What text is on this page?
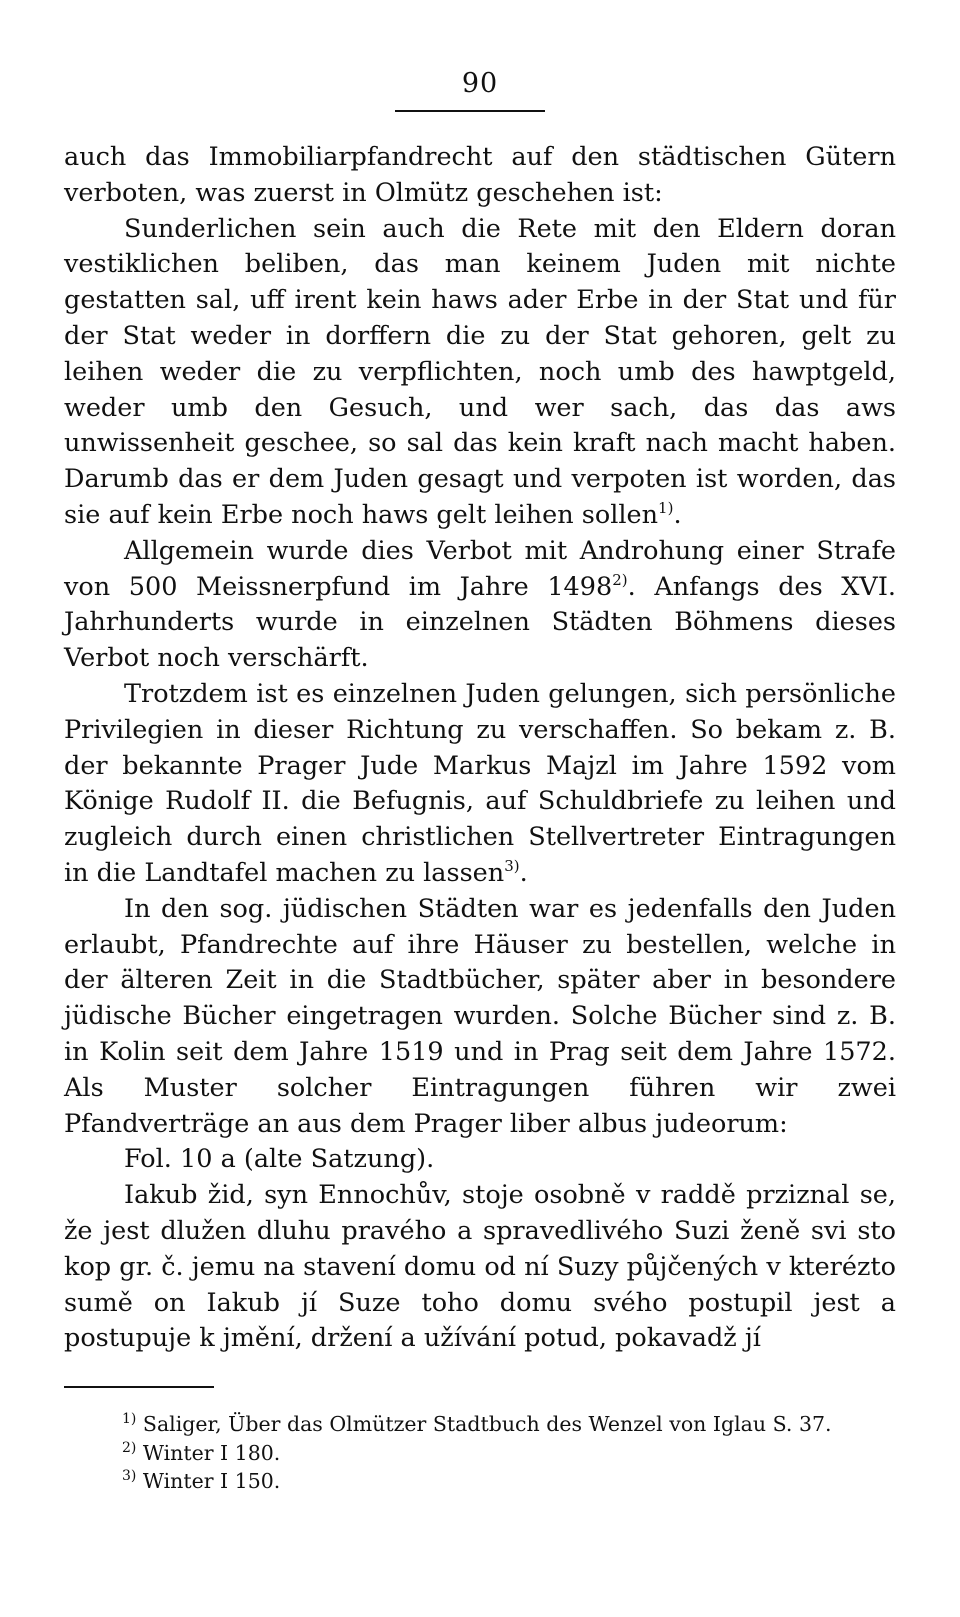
90

auch das Immobiliarpfandrecht auf den städtischen Gütern verboten, was zuerst in Olmütz geschehen ist:

Sunderlichen sein auch die Rete mit den Eldern doran vestiklichen beliben, das man keinem Juden mit nichte gestatten sal, uff irent kein haws ader Erbe in der Stat und für der Stat weder in dorffern die zu der Stat gehoren, gelt zu leihen weder die zu verpflichten, noch umb des hawptgeld, weder umb den Gesuch, und wer sach, das das aws unwissenheit geschee, so sal das kein kraft nach macht haben. Darumb das er dem Juden gesagt und verpoten ist worden, das sie auf kein Erbe noch haws gelt leihen sollen$^{1)}$.

Allgemein wurde dies Verbot mit Androhung einer Strafe von 500 Meissnerpfund im Jahre 1498$^{2)}$. Anfangs des XVI. Jahrhunderts wurde in einzelnen Städten Böhmens dieses Verbot noch verschärft.

Trotzdem ist es einzelnen Juden gelungen, sich persönliche Privilegien in dieser Richtung zu verschaffen. So bekam z. B. der bekannte Prager Jude Markus Majzl im Jahre 1592 vom Könige Rudolf II. die Befugnis, auf Schuldbriefe zu leihen und zugleich durch einen christlichen Stellvertreter Eintragungen in die Landtafel machen zu lassen$^{3)}$.

In den sog. jüdischen Städten war es jedenfalls den Juden erlaubt, Pfandrechte auf ihre Häuser zu bestellen, welche in der älteren Zeit in die Stadtbücher, später aber in besondere jüdische Bücher eingetragen wurden. Solche Bücher sind z. B. in Kolin seit dem Jahre 1519 und in Prag seit dem Jahre 1572. Als Muster solcher Eintragungen führen wir zwei Pfandverträge an aus dem Prager liber albus judeorum:

Fol. 10 a (alte Satzung).

Iakub žid, syn Ennochův, stoje osobně v raddě prziznal se, že jest dlužen dluhu pravého a spravedlivého Suzi ženě svi sto kop gr. č. jemu na stavení domu od ní Suzy půjčených v kterézto sumě on Iakub jí Suze toho domu svého postupil jest a postupuje k jmění, držení a užívání potud, pokavadž jí

$^{1)}$ Saliger, Über das Olmützer Stadtbuch des Wenzel von Iglau S. 37.
$^{2)}$ Winter I 180.
$^{3)}$ Winter I 150.
